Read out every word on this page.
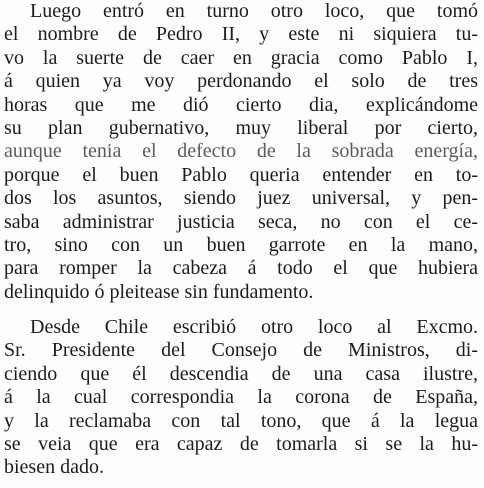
Luego entró en turno otro loco, que tomó
el nombre de Pedro II, y este ni siquiera tu-
vo la suerte de caer en gracia como Pablo I,
á quien ya voy perdonando el solo de tres
horas que me dió cierto dia, explicándome
su plan gubernativo, muy liberal por cierto,
aunque tenia el defecto de la sobrada energía,
porque el buen Pablo queria entender en to-
dos los asuntos, siendo juez universal, y pen-
saba administrar justicia seca, no con el ce-
tro, sino con un buen garrote en la mano,
para romper la cabeza á todo el que hubiera
delinquido ó pleitease sin fundamento.
Desde Chile escribió otro loco al Excmo.
Sr. Presidente del Consejo de Ministros, di-
ciendo que él descendia de una casa ilustre,
á la cual correspondia la corona de España,
y la reclamaba con tal tono, que á la legua
se veia que era capaz de tomarla si se la hu-
biesen dado.
